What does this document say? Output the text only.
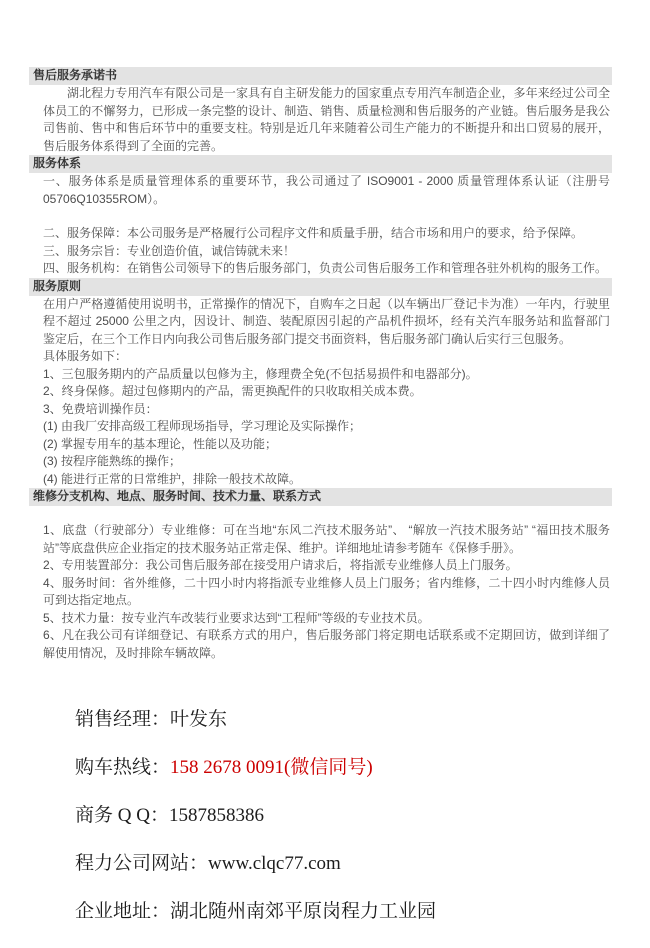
售后服务承诺书

湖北程力专用汽车有限公司是一家具有自主研发能力的国家重点专用汽车制造企业，多年来经过公司全体员工的不懈努力，已形成一条完整的设计、制造、销售、质量检测和售后服务的产业链。售后服务是我公司售前、售中和售后环节中的重要支柱。特别是近几年来随着公司生产能力的不断提升和出口贸易的展开，售后服务体系得到了全面的完善。

服务体系

一、服务体系是质量管理体系的重要环节，我公司通过了 ISO9001 - 2000 质量管理体系认证（注册号 05706Q10355ROM）。

二、服务保障：本公司服务是严格履行公司程序文件和质量手册，结合市场和用户的要求，给予保障。

三、服务宗旨：专业创造价值，诚信铸就未来！

四、服务机构：在销售公司领导下的售后服务部门，负责公司售后服务工作和管理各驻外机构的服务工作。

服务原则

在用户严格遵循使用说明书，正常操作的情况下，自购车之日起（以车辆出厂登记卡为准）一年内，行驶里程不超过 25000 公里之内，因设计、制造、装配原因引起的产品机件损坏，经有关汽车服务站和监督部门鉴定后，在三个工作日内向我公司售后服务部门提交书面资料，售后服务部门确认后实行三包服务。

具体服务如下：

1、三包服务期内的产品质量以包修为主，修理费全免(不包括易损件和电器部分)。

2、终身保修。超过包修期内的产品，需更换配件的只收取相关成本费。

3、免费培训操作员：

(1) 由我厂安排高级工程师现场指导，学习理论及实际操作；

(2) 掌握专用车的基本理论，性能以及功能；

(3) 按程序能熟练的操作；

(4) 能进行正常的日常维护，排除一般技术故障。

维修分支机构、地点、服务时间、技术力量、联系方式

1、底盘（行驶部分）专业维修：可在当地“东风二汽技术服务站”、 “解放一汽技术服务站” “福田技术服务站”等底盘供应企业指定的技术服务站正常走保、维护。详细地址请参考随车《保修手册》。

2、专用装置部分：我公司售后服务部在接受用户请求后，将指派专业维修人员上门服务。

4、服务时间：省外维修，二十四小时内将指派专业维修人员上门服务；省内维修，二十四小时内维修人员可到达指定地点。

5、技术力量：按专业汽车改装行业要求达到“工程师”等级的专业技术员。

6、凡在我公司有详细登记、有联系方式的用户，售后服务部门将定期电话联系或不定期回访，做到详细了解使用情况，及时排除车辆故障。

销售经理：叶发东
购车热线：158 2678 0091(微信同号)
商务 Q Q：1587858386
程力公司网站：www.clqc77.com
企业地址：湖北随州南郊平原岗程力工业园
